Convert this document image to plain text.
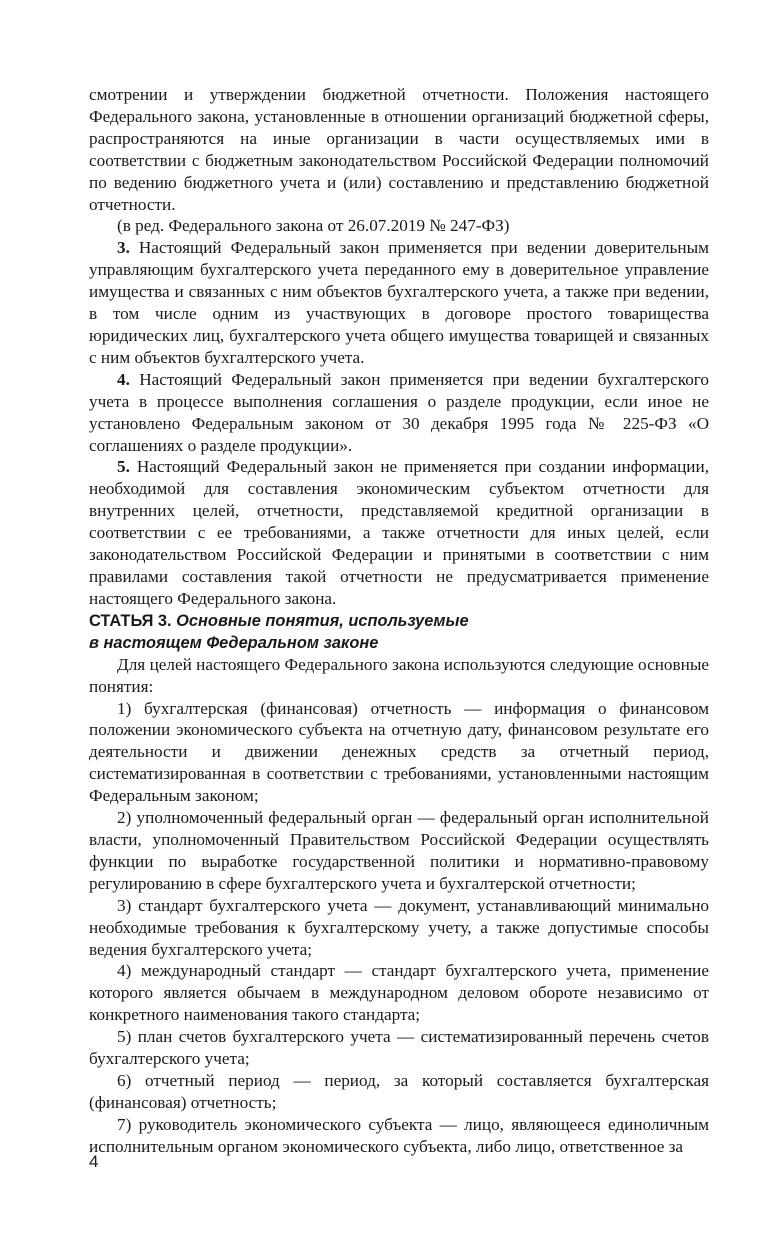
смотрении и утверждении бюджетной отчетности. Положения настоящего Федерального закона, установленные в отношении организаций бюджетной сферы, распространяются на иные организации в части осуществляемых ими в соответствии с бюджетным законодательством Российской Федерации полномочий по ведению бюджетного учета и (или) составлению и представлению бюджетной отчетности.

(в ред. Федерального закона от 26.07.2019 № 247-ФЗ)

3. Настоящий Федеральный закон применяется при ведении доверительным управляющим бухгалтерского учета переданного ему в доверительное управление имущества и связанных с ним объектов бухгалтерского учета, а также при ведении, в том числе одним из участвующих в договоре простого товарищества юридических лиц, бухгалтерского учета общего имущества товарищей и связанных с ним объектов бухгалтерского учета.

4. Настоящий Федеральный закон применяется при ведении бухгалтерского учета в процессе выполнения соглашения о разделе продукции, если иное не установлено Федеральным законом от 30 декабря 1995 года № 225-ФЗ «О соглашениях о разделе продукции».

5. Настоящий Федеральный закон не применяется при создании информации, необходимой для составления экономическим субъектом отчетности для внутренних целей, отчетности, представляемой кредитной организации в соответствии с ее требованиями, а также отчетности для иных целей, если законодательством Российской Федерации и принятыми в соответствии с ним правилами составления такой отчетности не предусматривается применение настоящего Федерального закона.

СТАТЬЯ 3. Основные понятия, используемые
в настоящем Федеральном законе

Для целей настоящего Федерального закона используются следующие основные понятия:

1) бухгалтерская (финансовая) отчетность — информация о финансовом положении экономического субъекта на отчетную дату, финансовом результате его деятельности и движении денежных средств за отчетный период, систематизированная в соответствии с требованиями, установленными настоящим Федеральным законом;

2) уполномоченный федеральный орган — федеральный орган исполнительной власти, уполномоченный Правительством Российской Федерации осуществлять функции по выработке государственной политики и нормативно-правовому регулированию в сфере бухгалтерского учета и бухгалтерской отчетности;

3) стандарт бухгалтерского учета — документ, устанавливающий минимально необходимые требования к бухгалтерскому учету, а также допустимые способы ведения бухгалтерского учета;

4) международный стандарт — стандарт бухгалтерского учета, применение которого является обычаем в международном деловом обороте независимо от конкретного наименования такого стандарта;

5) план счетов бухгалтерского учета — систематизированный перечень счетов бухгалтерского учета;

6) отчетный период — период, за который составляется бухгалтерская (финансовая) отчетность;

7) руководитель экономического субъекта — лицо, являющееся единоличным исполнительным органом экономического субъекта, либо лицо, ответственное за

4
